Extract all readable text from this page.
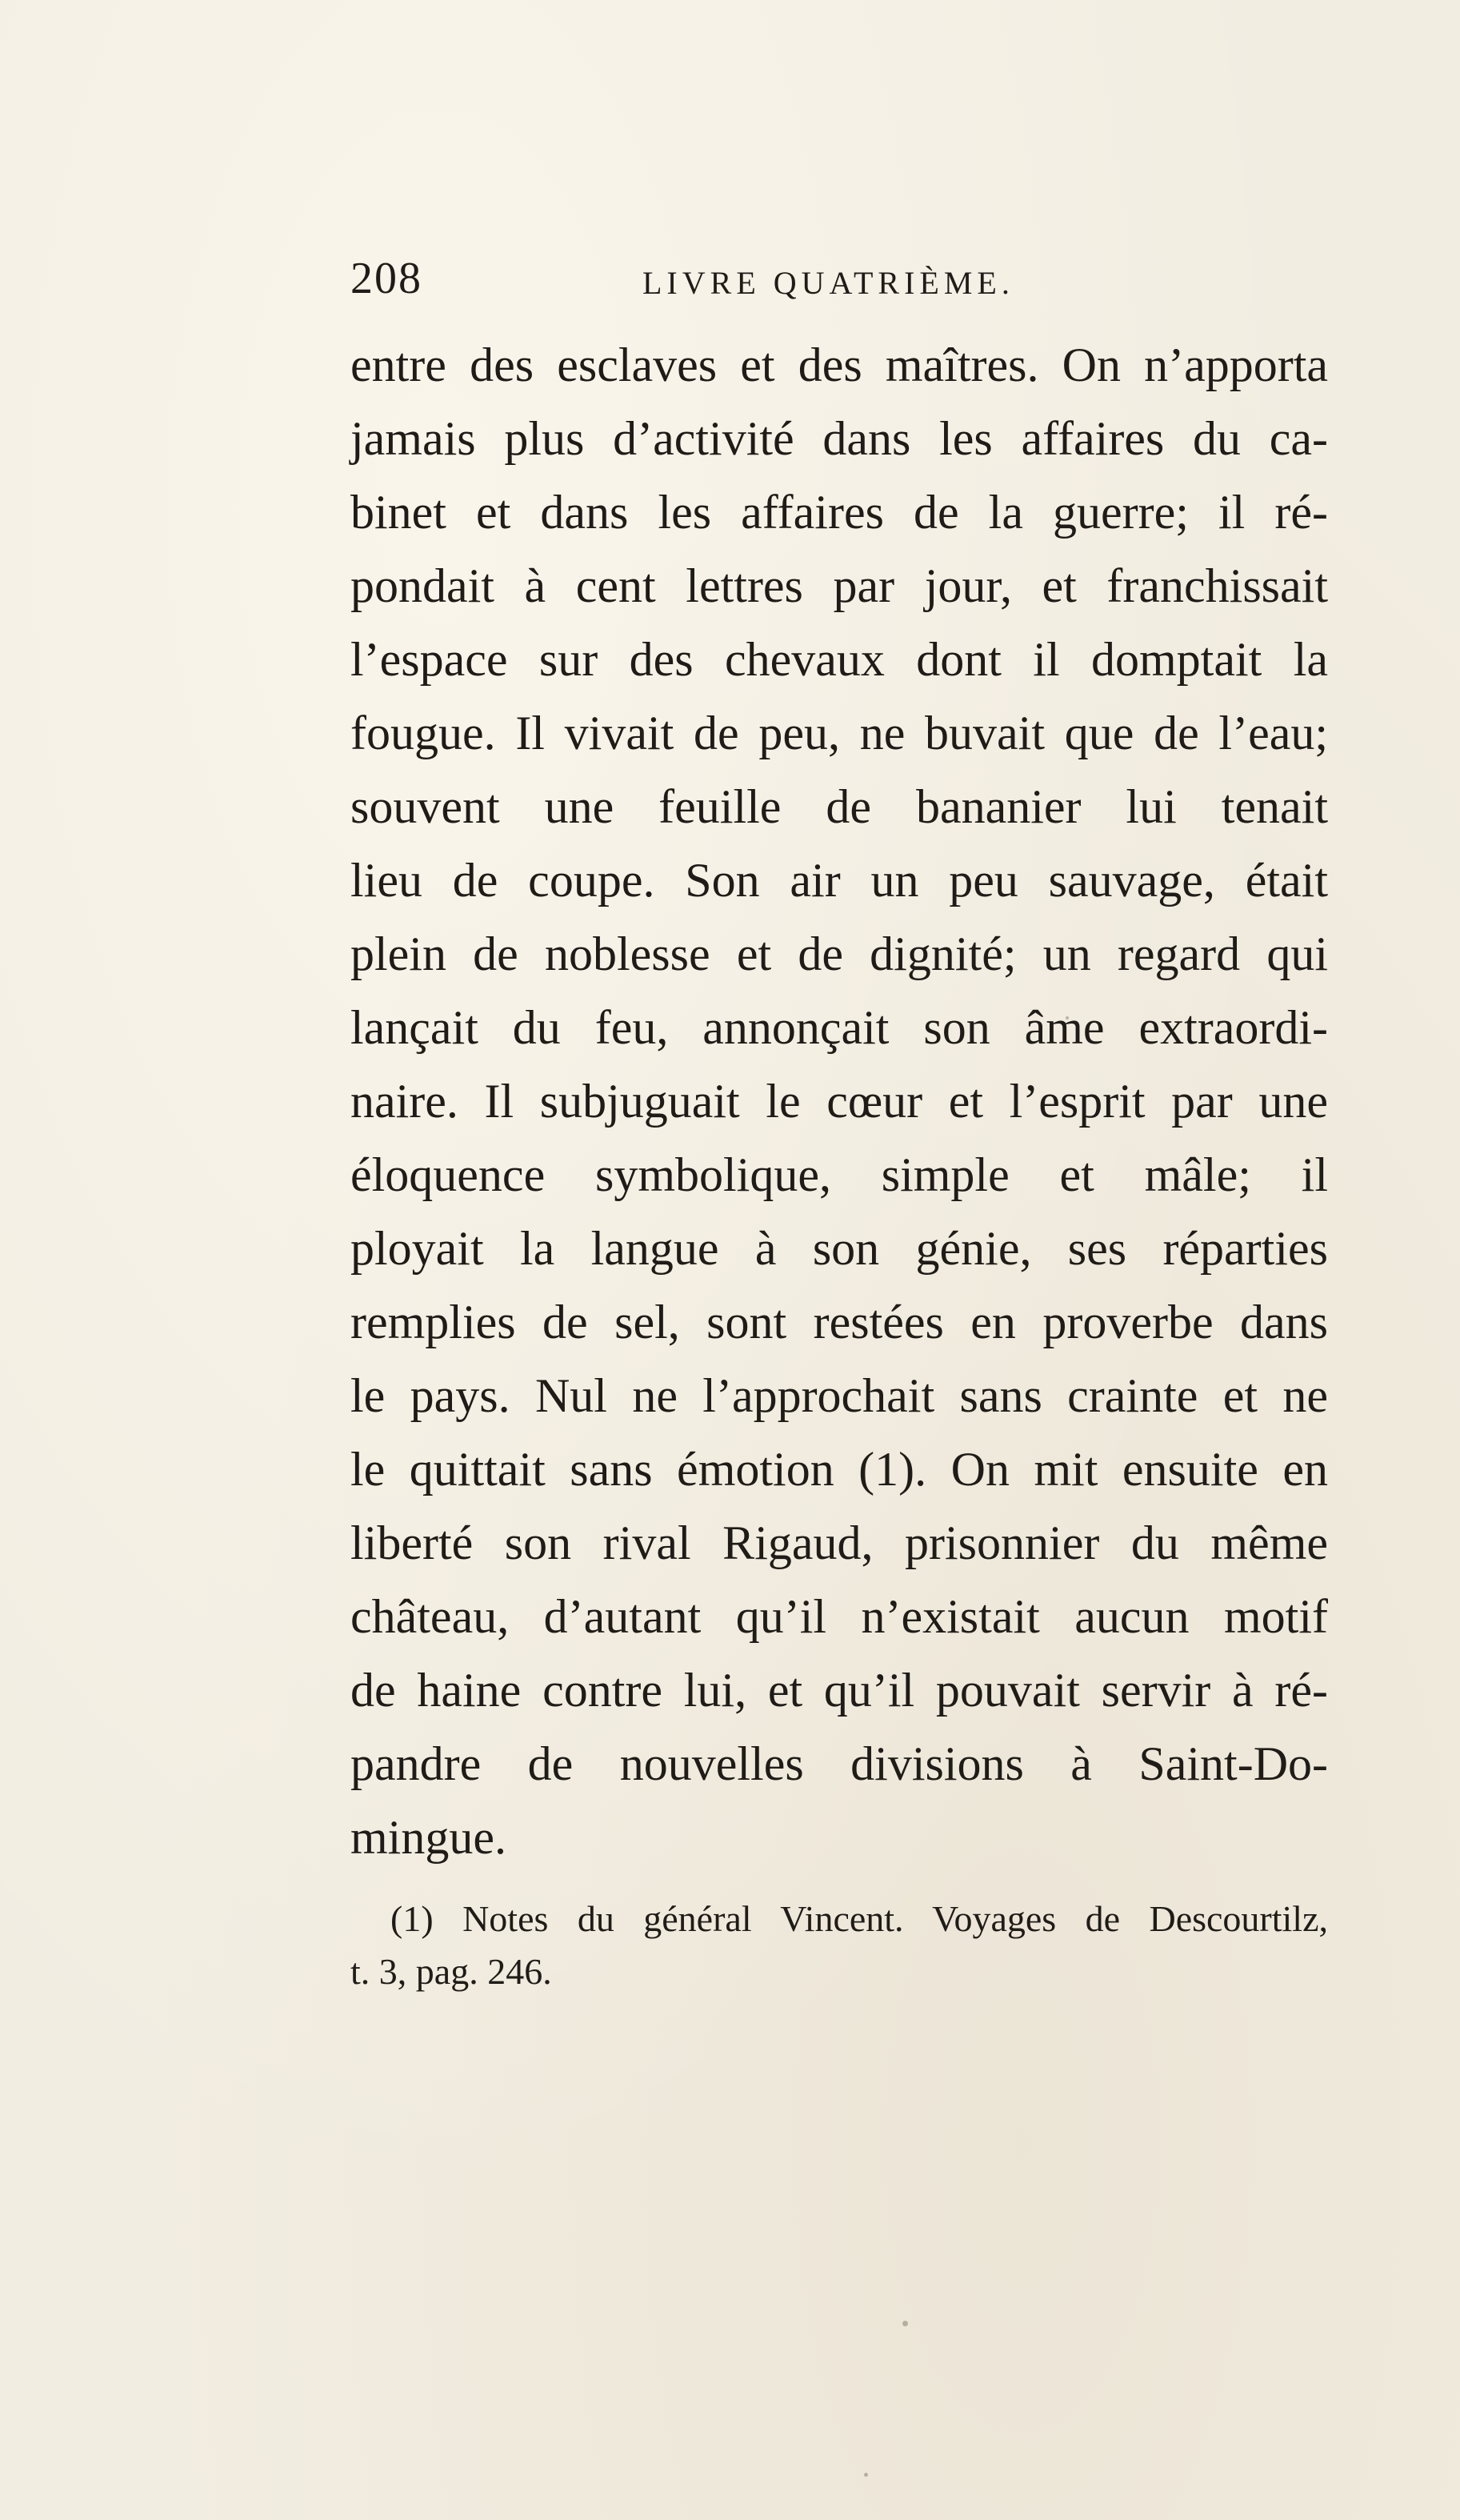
208	LIVRE QUATRIÈME.
entre des esclaves et des maîtres. On n’apporta
jamais plus d’activité dans les affaires du ca-
binet et dans les affaires de la guerre; il ré-
pondait à cent lettres par jour, et franchissait
l’espace sur des chevaux dont il domptait la
fougue. Il vivait de peu, ne buvait que de l’eau;
souvent une feuille de bananier lui tenait
lieu de coupe. Son air un peu sauvage, était
plein de noblesse et de dignité; un regard qui
lançait du feu, annonçait son âme extraordi-
naire. Il subjuguait le cœur et l’esprit par une
éloquence symbolique, simple et mâle; il
ployait la langue à son génie, ses réparties
remplies de sel, sont restées en proverbe dans
le pays. Nul ne l’approchait sans crainte et ne
le quittait sans émotion (1). On mit ensuite en
liberté son rival Rigaud, prisonnier du même
château, d’autant qu’il n’existait aucun motif
de haine contre lui, et qu’il pouvait servir à ré-
pandre de nouvelles divisions à Saint-Do-
mingue.
(1) Notes du général Vincent. Voyages de Descourtilz,
t. 3, pag. 246.
